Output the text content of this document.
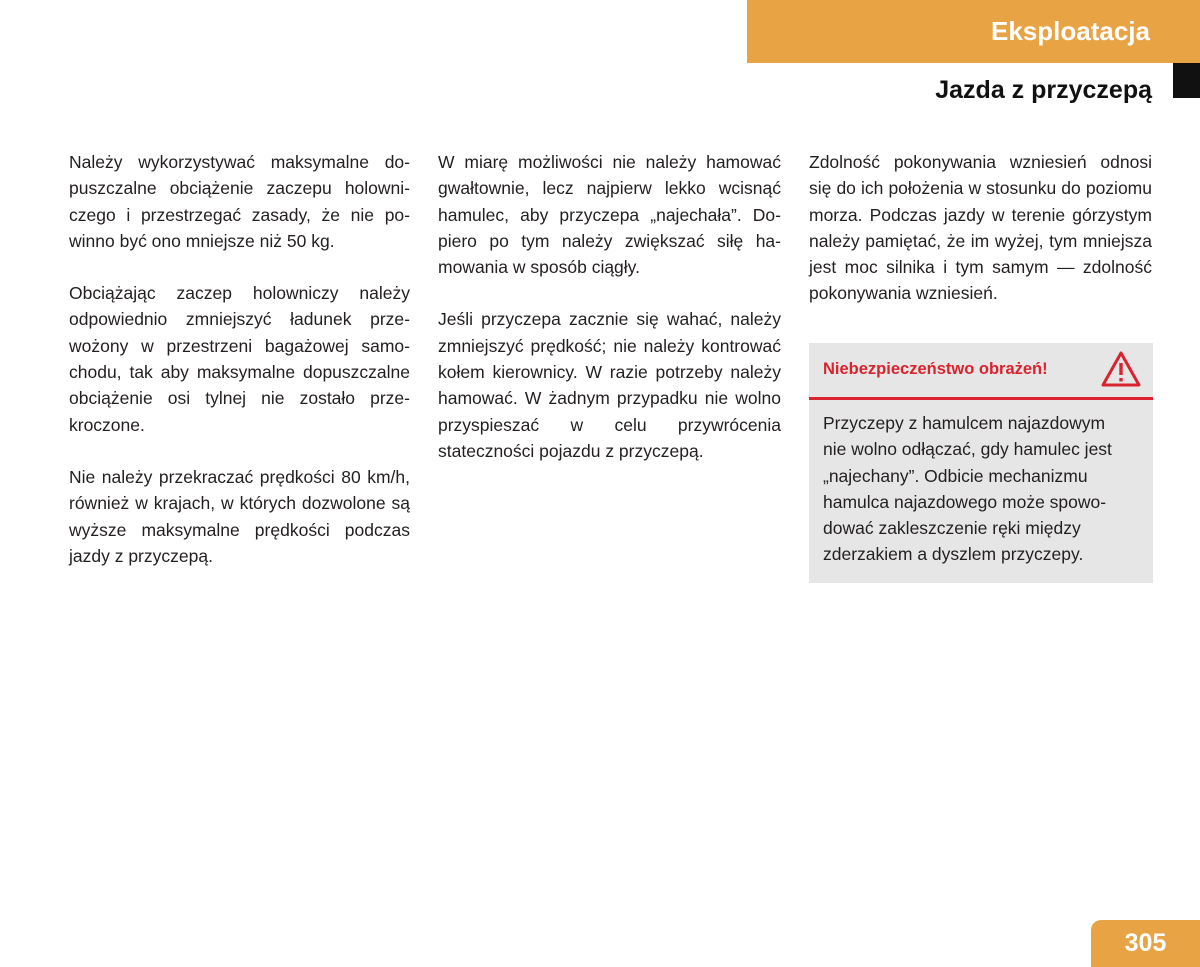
Eksploatacja
Jazda z przyczepą

Należy wykorzystywać maksymalne dopuszczalne obciążenie zaczepu holowniczego i przestrzegać zasady, że nie powinno być ono mniejsze niż 50 kg.

Obciążając zaczep holowniczy należy odpowiednio zmniejszyć ładunek przewożony w przestrzeni bagażowej samochodu, tak aby maksymalne dopuszczalne obciążenie osi tylnej nie zostało przekroczone.

Nie należy przekraczać prędkości 80 km/h, również w krajach, w których dozwolone są wyższe maksymalne prędkości podczas jazdy z przyczepą.

W miarę możliwości nie należy hamować gwałtownie, lecz najpierw lekko wcisnąć hamulec, aby przyczepa „najechała”. Dopiero po tym należy zwiększać siłę hamowania w sposób ciągły.

Jeśli przyczepa zacznie się wahać, należy zmniejszyć prędkość; nie należy kontrować kołem kierownicy. W razie potrzeby należy hamować. W żadnym przypadku nie wolno przyspieszać w celu przywrócenia stateczności pojazdu z przyczepą.

Zdolność pokonywania wzniesień odnosi się do ich położenia w stosunku do poziomu morza. Podczas jazdy w terenie górzystym należy pamiętać, że im wyżej, tym mniejsza jest moc silnika i tym samym — zdolność pokonywania wzniesień.

Niebezpieczeństwo obrażeń!

Przyczepy z hamulcem najazdowym

nie wolno odłączać, gdy hamulec jest

„najechany”. Odbicie mechanizmu

hamulca najazdowego może spowo-

dować zakleszczenie ręki między

zderzakiem a dyszlem przyczepy.

305
